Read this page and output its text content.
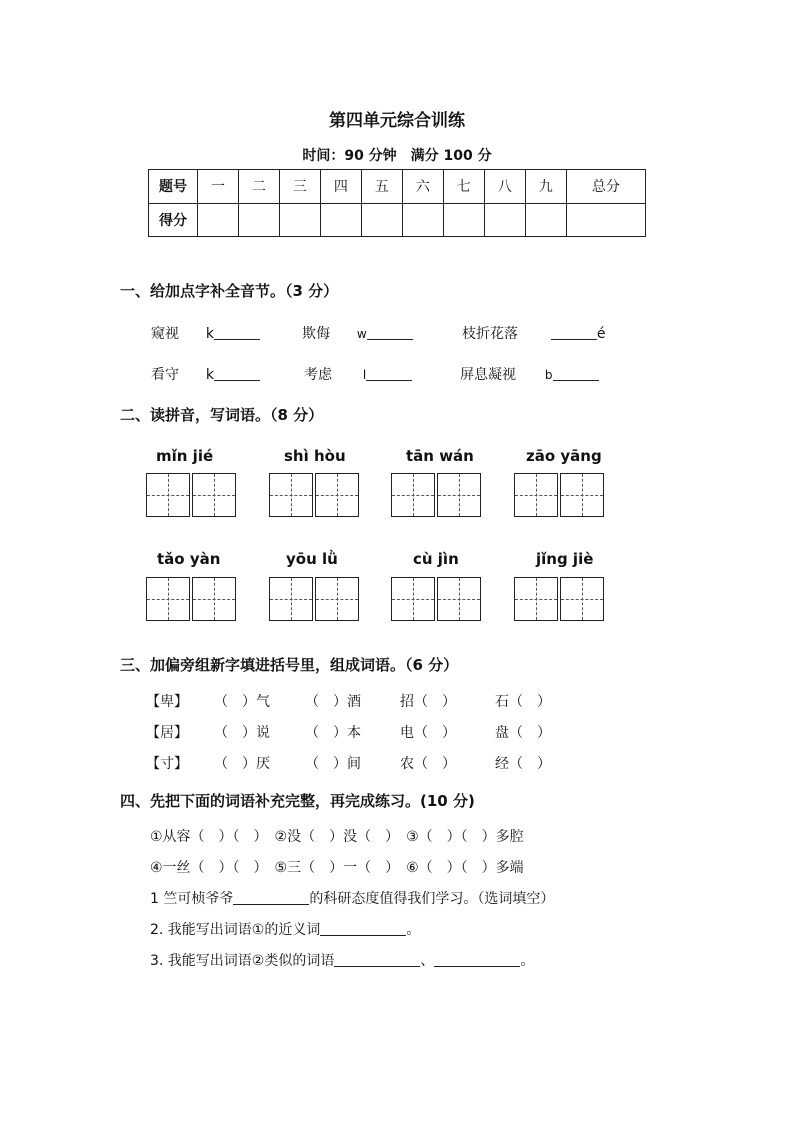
第四单元综合训练
时间：90 分钟　满分 100 分
题号	一	二	三	四	五	六	七	八	九	总分
得分										
一、给加点字补全音节。（3 分）
窥视 k	欺侮 w	枝折花落	é
看守 k	考虑	l	屏息凝视 b
二、读拼音，写词语。（8 分）
mǐn jié	shì hòu	tān wán	zāo yāng
tǎo yàn	yōu lǜ	cù jìn	jǐng jiè
三、加偏旁组新字填进括号里，组成词语。（6 分）
【卑】 （　）气	（　）酒	招（　）	石（　）
【居】 （　）说	（　）本	电（　）	盘（　）
【寸】 （　）厌	（　）间	农（　）	经（　）
四、先把下面的词语补充完整，再完成练习。(10 分)
①从容（　）（　）　②没（　）没（　）　③（　）（　）多腔
④一丝（　）（　）　⑤三（　）一（　）　⑥（　）（　）多端
1 竺可桢爷爷	的科研态度值得我们学习。（选词填空）
2. 我能写出词语①的近义词	。
3. 我能写出词语②类似的词语	、	。
